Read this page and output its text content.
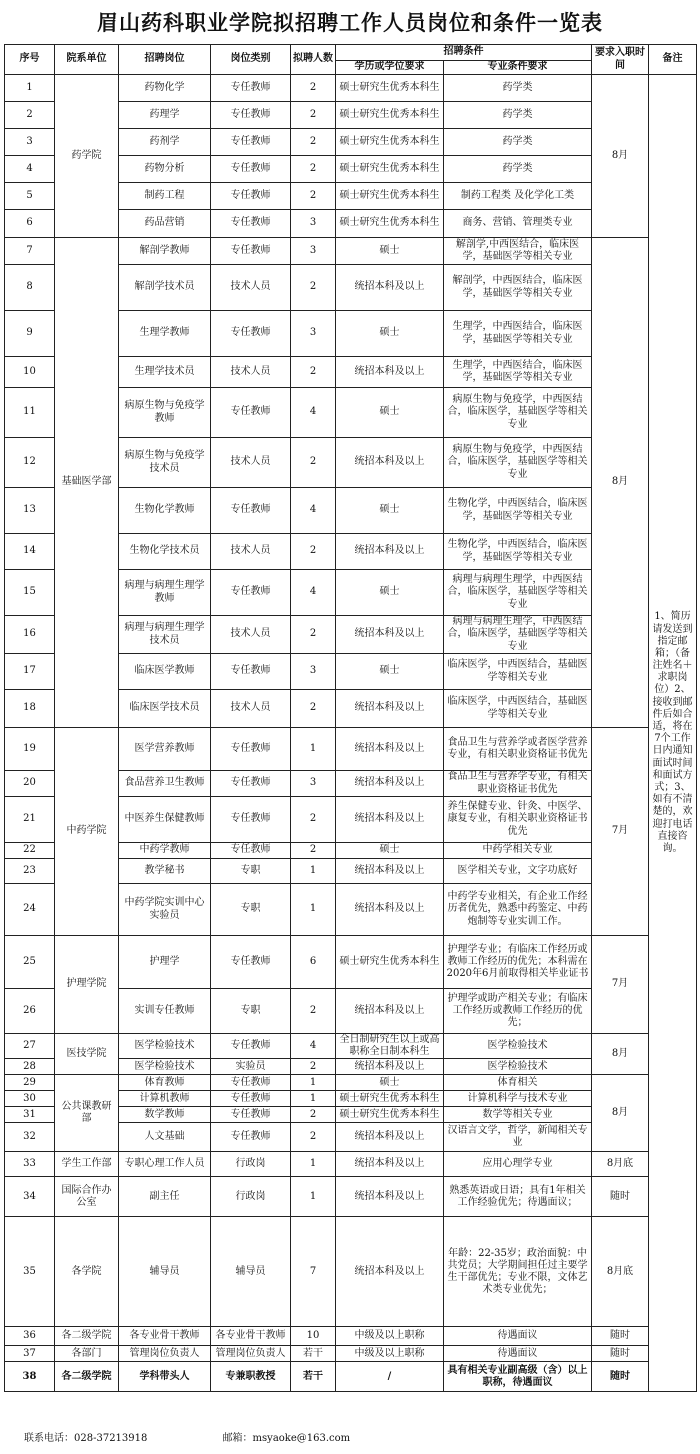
眉山药科职业学院拟招聘工作人员岗位和条件一览表
序号	院系单位	招聘岗位	岗位类别	拟聘人数	招聘条件		要求入职时间	备注
					学历或学位要求	专业条件要求		
1	药学院	药物化学	专任教师	2	硕士研究生优秀本科生	药学类	8月	1、简历请发送到指定邮箱；（备注姓名＋求职岗位）2、接收到邮件后如合适，将在7个工作日内通知面试时间和面试方式；3、如有不清楚的，欢迎打电话直接咨询。
2		药理学	专任教师	2	硕士研究生优秀本科生	药学类		
3		药剂学	专任教师	2	硕士研究生优秀本科生	药学类		
4		药物分析	专任教师	2	硕士研究生优秀本科生	药学类		
5		制药工程	专任教师	2	硕士研究生优秀本科生	制药工程类 及化学化工类		
6		药品营销	专任教师	3	硕士研究生优秀本科生	商务、营销、管理类专业		
7	基础医学部	解剖学教师	专任教师	3	硕士	解剖学,中西医结合，临床医学，基础医学等相关专业	8月	
8		解剖学技术员	技术人员	2	统招本科及以上	解剖学，中西医结合，临床医学，基础医学等相关专业		
9		生理学教师	专任教师	3	硕士	生理学，中西医结合，临床医学，基础医学等相关专业		
10		生理学技术员	技术人员	2	统招本科及以上	生理学，中西医结合，临床医学，基础医学等相关专业		
11		病原生物与免疫学教师	专任教师	4	硕士	病原生物与免疫学，中西医结合，临床医学，基础医学等相关专业		
12		病原生物与免疫学技术员	技术人员	2	统招本科及以上	病原生物与免疫学，中西医结合，临床医学，基础医学等相关专业		
13		生物化学教师	专任教师	4	硕士	生物化学，中西医结合，临床医学，基础医学等相关专业		
14		生物化学技术员	技术人员	2	统招本科及以上	生物化学，中西医结合，临床医学，基础医学等相关专业		
15		病理与病理生理学教师	专任教师	4	硕士	病理与病理生理学，中西医结合，临床医学，基础医学等相关专业		
16		病理与病理生理学技术员	技术人员	2	统招本科及以上	病理与病理生理学，中西医结合，临床医学，基础医学等相关专业		
17		临床医学教师	专任教师	3	硕士	临床医学，中西医结合，基础医学等相关专业		
18		临床医学技术员	技术人员	2	统招本科及以上	临床医学，中西医结合，基础医学等相关专业		
19	中药学院	医学营养教师	专任教师	1	统招本科及以上	食品卫生与营养学或者医学营养专业，有相关职业资格证书优先	7月	
20		食品营养卫生教师	专任教师	3	统招本科及以上	食品卫生与营养学专业，有相关职业资格证书优先		
21		中医养生保健教师	专任教师	2	统招本科及以上	养生保健专业、针灸、中医学、康复专业，有相关职业资格证书优先		
22		中药学教师	专任教师	2	硕士	中药学相关专业		
23		教学秘书	专职	1	统招本科及以上	医学相关专业，文字功底好		
24		中药学院实训中心实验员	专职	1	统招本科及以上	中药学专业相关，有企业工作经历者优先，熟悉中药鉴定、中药炮制等专业实训工作。		
25	护理学院	护理学	专任教师	6	硕士研究生优秀本科生	护理学专业；有临床工作经历或教师工作经历的优先；本科需在2020年6月前取得相关毕业证书	7月	
26		实训专任教师	专职	2	统招本科及以上	护理学或助产相关专业；有临床工作经历或教师工作经历的优先；		
27	医技学院	医学检验技术	专任教师	4	全日制研究生以上或高职称全日制本科生	医学检验技术	8月	
28		医学检验技术	实验员	2	统招本科及以上	医学检验技术		
29	公共课教研部	体育教师	专任教师	1	硕士	体育相关	8月	
30		计算机教师	专任教师	1	硕士研究生优秀本科生	计算机科学与技术专业		
31		数学教师	专任教师	2	硕士研究生优秀本科生	数学等相关专业		
32		人文基础	专任教师	2	统招本科及以上	汉语言文学，哲学，新闻相关专业		
33	学生工作部	专职心理工作人员	行政岗	1	统招本科及以上	应用心理学专业	8月底	
34	国际合作办公室	副主任	行政岗	1	统招本科及以上	熟悉英语或日语；具有1年相关工作经验优先；待遇面议；	随时	
35	各学院	辅导员	辅导员	7	统招本科及以上	年龄：22-35岁；政治面貌：中共党员；大学期间担任过主要学生干部优先；专业不限，文体艺术类专业优先；	8月底	
36	各二级学院	各专业骨干教师	各专业骨干教师	10	中级及以上职称	待遇面议	随时	
37	各部门	管理岗位负责人	管理岗位负责人	若干	中级及以上职称	待遇面议	随时	
38	各二级学院	学科带头人	专兼职教授	若干	/	具有相关专业副高级（含）以上职称，待遇面议	随时	
联系电话：028-37213918	邮箱：msyaoke@163.com
